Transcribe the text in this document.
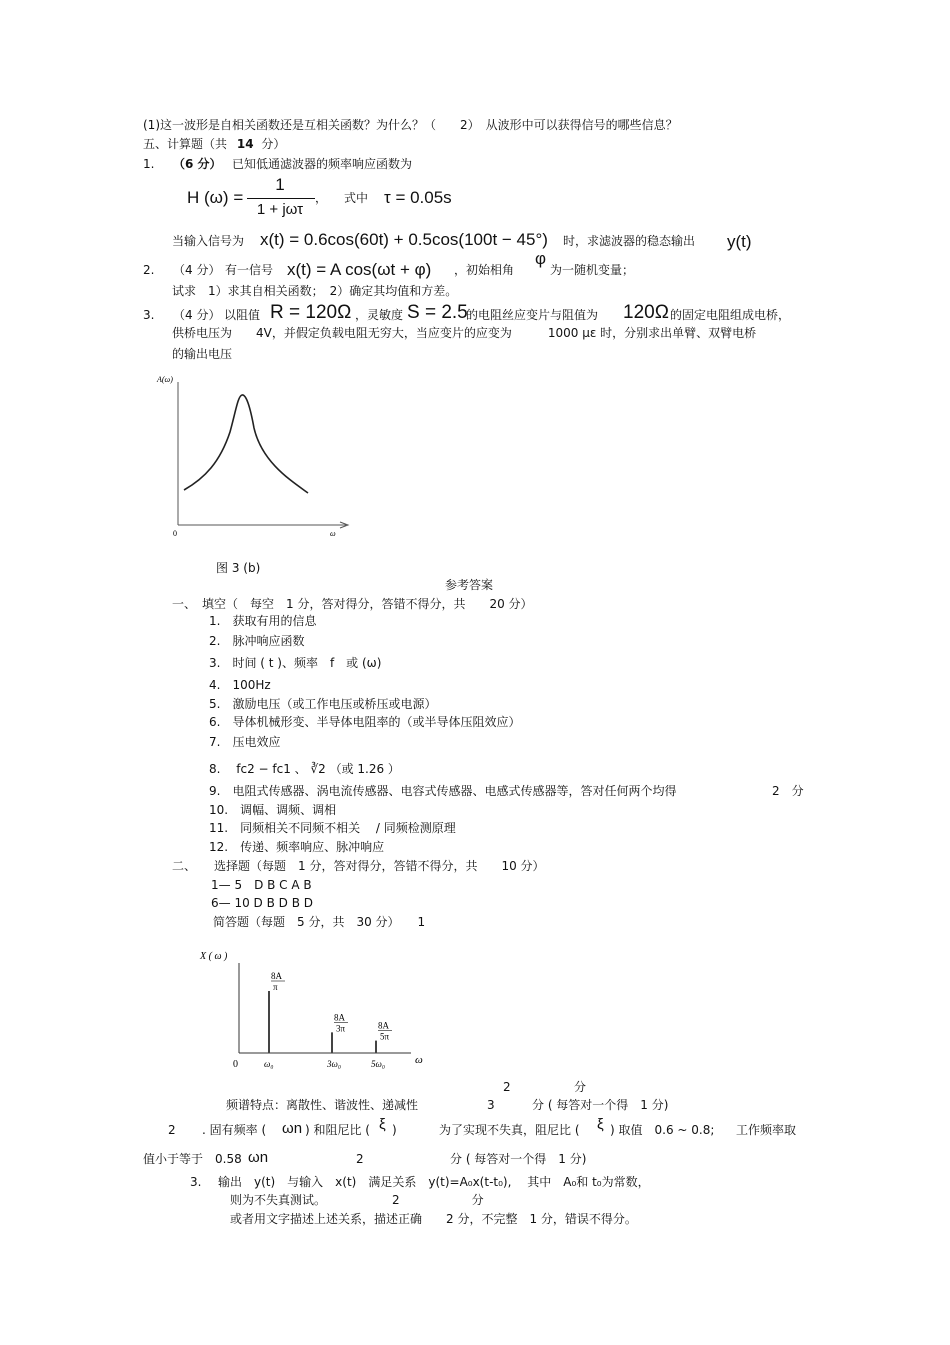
(1)这一波形是自相关函数还是互相关函数？为什么？（　　2）　从波形中可以获得信号的哪些信息？
五、计算题（共 14 分）
1. （6 分） 已知低通滤波器的频率响应函数为
H (ω) =
1
1 + jωτ
， 式中 τ = 0.05s
当输入信号为 x(t) = 0.6cos(60t) + 0.5cos(100t − 45°) 时，求滤波器的稳态输出 y(t)
2. （4 分） 有一信号 x(t) = A cos(ωt + φ) ，初始相角
φ
为一随机变量；
试求　1）求其自相关函数；　2）确定其均值和方差。
3. （4 分） 以阻值 R = 120Ω ，灵敏度 S = 2.5
的电阻丝应变片与阻值为 120Ω 的固定电阻组成电桥，
供桥电压为　　4V，并假定负载电阻无穷大，当应变片的应变为　　　1000 με 时，分别求出单臂、双臂电桥
的输出电压
A(ω)
0	ω
图 3 (b)
参考答案
一、　填空（　每空　1 分，答对得分，答错不得分，共　　20 分）
1.　获取有用的信息
2.　脉冲响应函数
3.　时间 ( t )、频率　f　或 (ω)
4.　100Hz
5.　激励电压（或工作电压或桥压或电源）
6.　导体机械形变、半导体电阻率的（或半导体压阻效应）
7.　压电效应
8.　 fc2 − fc1 、 ∛2 （或 1.26 ）
9.　电阻式传感器、涡电流传感器、电容式传感器、电感式传感器等，答对任何两个均得	2　分
10.　调幅、调频、调相
11.　同频相关不同频不相关　 / 同频检测原理
12.　传递、频率响应、脉冲响应
二、　　选择题（每题　1 分，答对得分，答错不得分，共　　10 分）
1— 5　D B C A B
6— 10 D B D B D
简答题（每题　5 分，共　30 分）　　1
X ( ω )
0	ω
8A
π
ω₀
8A
3π
3ω₀
8A
5π
5ω₀
2	分
频谱特点：离散性、谐波性、递减性	3	分 ( 每答对一个得　1 分)
2 . 固有频率 ( ωn ) 和阻尼比 ( ξ )	为了实现不失真，阻尼比 ( ξ ) 取值　0.6 ~ 0.8; 工作频率取
值小于等于　0.58 ωn	2	分 ( 每答对一个得　1 分)
3. 输出　y(t)　与输入　x(t)　满足关系　y(t)=A₀x(t-t₀),　 其中　A₀和 t₀为常数，
则为不失真测试。　　　　　　2　　　　　　分
或者用文字描述上述关系，描述正确　　2 分，不完整　1 分，错误不得分。
